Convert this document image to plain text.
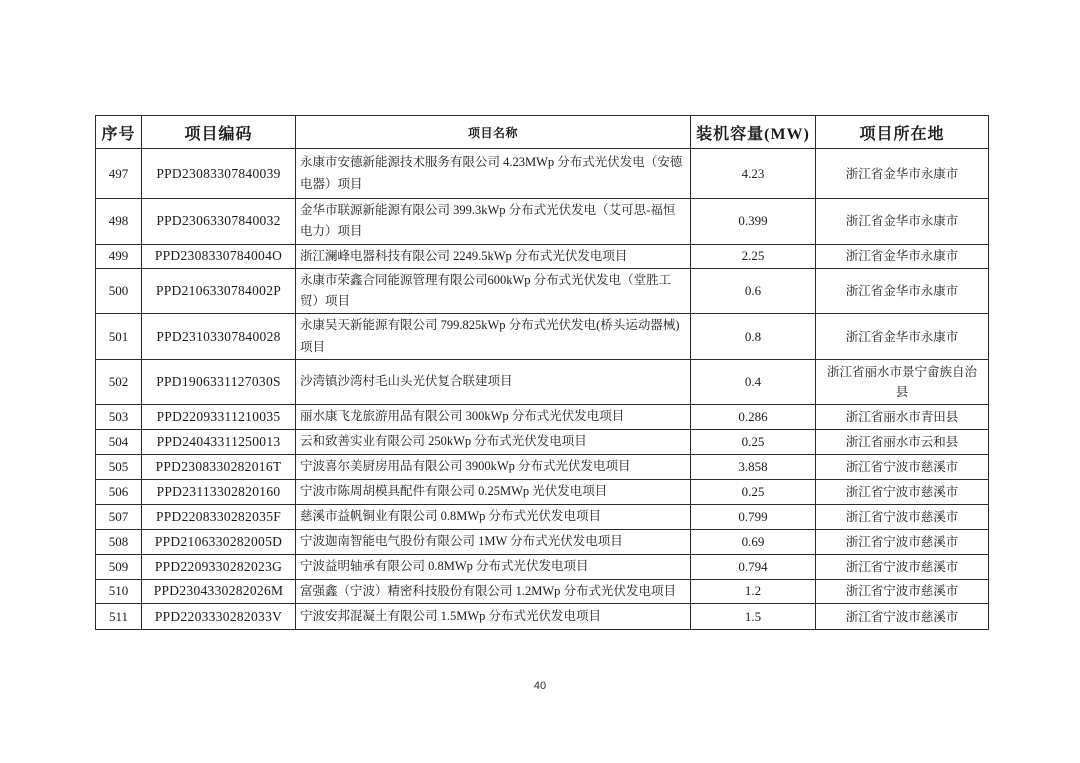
序号	项目编码	项目名称	装机容量(MW)	项目所在地
497	PPD23083307840039	永康市安德新能源技术服务有限公司 4.23MWp 分布式光伏发电（安德电器）项目	4.23	浙江省金华市永康市
498	PPD23063307840032	金华市联源新能源有限公司 399.3kWp 分布式光伏发电（艾可思-福恒电力）项目	0.399	浙江省金华市永康市
499	PPD2308330784004O	浙江澜峰电器科技有限公司 2249.5kWp 分布式光伏发电项目	2.25	浙江省金华市永康市
500	PPD2106330784002P	永康市荣鑫合同能源管理有限公司600kWp 分布式光伏发电（堂胜工贸）项目	0.6	浙江省金华市永康市
501	PPD23103307840028	永康吴天新能源有限公司 799.825kWp 分布式光伏发电(桥头运动器械)项目	0.8	浙江省金华市永康市
502	PPD1906331127030S	沙湾镇沙湾村毛山头光伏复合联建项目	0.4	浙江省丽水市景宁畲族自治县
503	PPD22093311210035	丽水康飞龙旅游用品有限公司 300kWp 分布式光伏发电项目	0.286	浙江省丽水市青田县
504	PPD24043311250013	云和致善实业有限公司 250kWp 分布式光伏发电项目	0.25	浙江省丽水市云和县
505	PPD2308330282016T	宁波喜尔美厨房用品有限公司 3900kWp 分布式光伏发电项目	3.858	浙江省宁波市慈溪市
506	PPD23113302820160	宁波市陈周胡模具配件有限公司 0.25MWp 光伏发电项目	0.25	浙江省宁波市慈溪市
507	PPD2208330282035F	慈溪市益帆铜业有限公司 0.8MWp 分布式光伏发电项目	0.799	浙江省宁波市慈溪市
508	PPD2106330282005D	宁波迦南智能电气股份有限公司 1MW 分布式光伏发电项目	0.69	浙江省宁波市慈溪市
509	PPD2209330282023G	宁波益明轴承有限公司 0.8MWp 分布式光伏发电项目	0.794	浙江省宁波市慈溪市
510	PPD2304330282026M	富强鑫（宁波）精密科技股份有限公司 1.2MWp 分布式光伏发电项目	1.2	浙江省宁波市慈溪市
511	PPD2203330282033V	宁波安邦混凝土有限公司 1.5MWp 分布式光伏发电项目	1.5	浙江省宁波市慈溪市
40
